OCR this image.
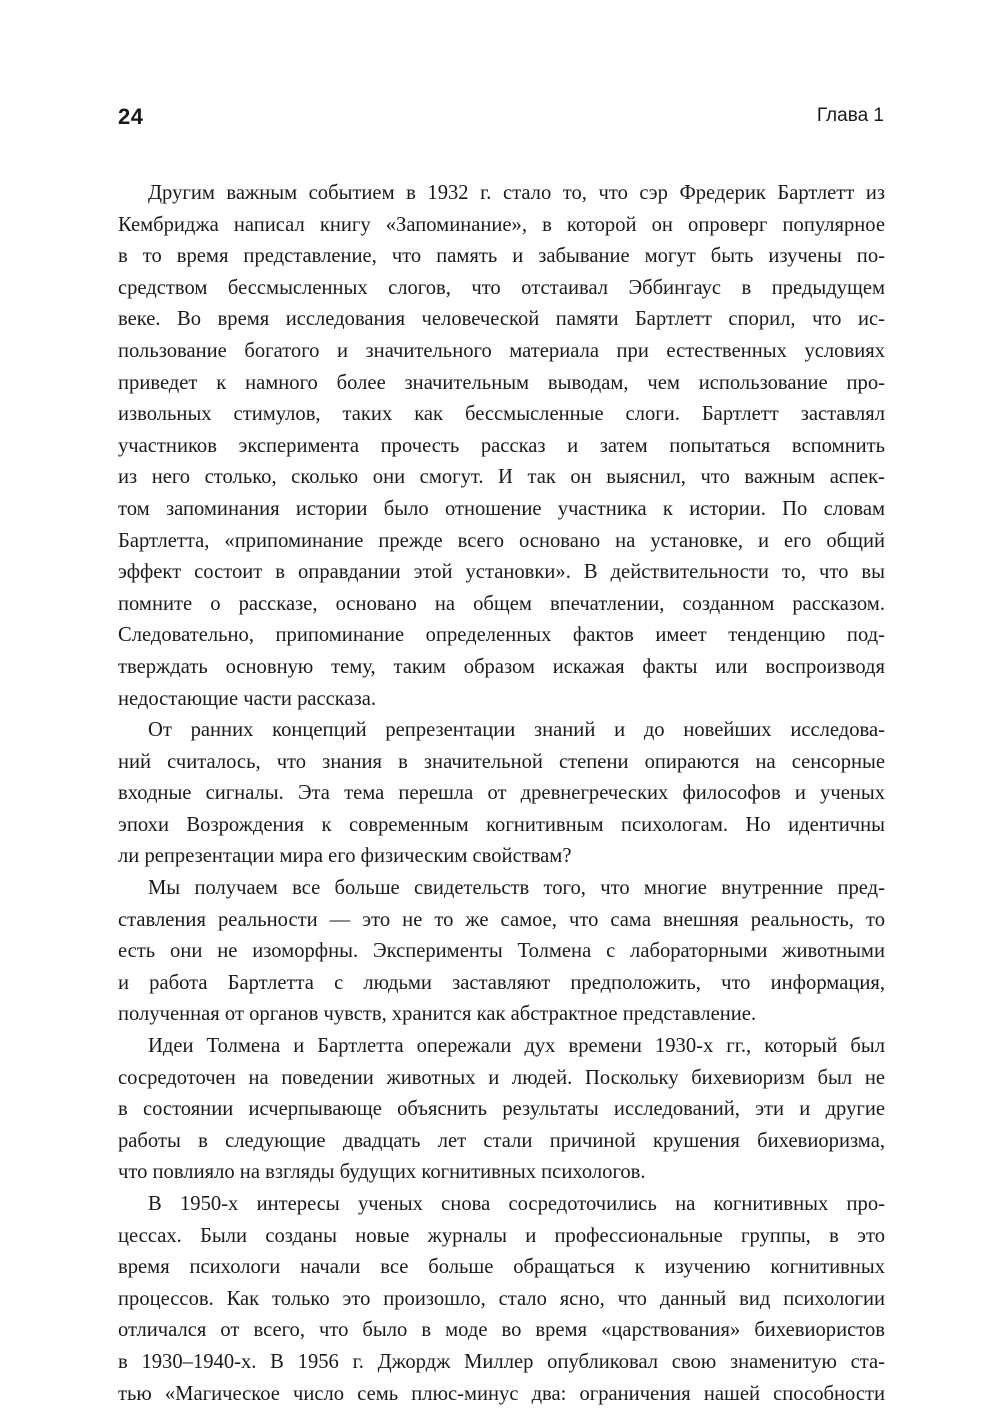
24	Глава 1
Другим важным событием в 1932 г. стало то, что сэр Фредерик Бартлетт из
Кембриджа написал книгу «Запоминание», в которой он опроверг популярное
в то время представление, что память и забывание могут быть изучены по-
средством бессмысленных слогов, что отстаивал Эббингаус в предыдущем
веке. Во время исследования человеческой памяти Бартлетт спорил, что ис-
пользование богатого и значительного материала при естественных условиях
приведет к намного более значительным выводам, чем использование про-
извольных стимулов, таких как бессмысленные слоги. Бартлетт заставлял
участников эксперимента прочесть рассказ и затем попытаться вспомнить
из него столько, сколько они смогут. И так он выяснил, что важным аспек-
том запоминания истории было отношение участника к истории. По словам
Бартлетта, «припоминание прежде всего основано на установке, и его общий
эффект состоит в оправдании этой установки». В действительности то, что вы
помните о рассказе, основано на общем впечатлении, созданном рассказом.
Следовательно, припоминание определенных фактов имеет тенденцию под-
тверждать основную тему, таким образом искажая факты или воспроизводя
недостающие части рассказа.
От ранних концепций репрезентации знаний и до новейших исследова-
ний считалось, что знания в значительной степени опираются на сенсорные
входные сигналы. Эта тема перешла от древнегреческих философов и ученых
эпохи Возрождения к современным когнитивным психологам. Но идентичны
ли репрезентации мира его физическим свойствам?
Мы получаем все больше свидетельств того, что многие внутренние пред-
ставления реальности — это не то же самое, что сама внешняя реальность, то
есть они не изоморфны. Эксперименты Толмена с лабораторными животными
и работа Бартлетта с людьми заставляют предположить, что информация,
полученная от органов чувств, хранится как абстрактное представление.
Идеи Толмена и Бартлетта опережали дух времени 1930-х гг., который был
сосредоточен на поведении животных и людей. Поскольку бихевиоризм был не
в состоянии исчерпывающе объяснить результаты исследований, эти и другие
работы в следующие двадцать лет стали причиной крушения бихевиоризма,
что повлияло на взгляды будущих когнитивных психологов.
В 1950-х интересы ученых снова сосредоточились на когнитивных про-
цессах. Были созданы новые журналы и профессиональные группы, в это
время психологи начали все больше обращаться к изучению когнитивных
процессов. Как только это произошло, стало ясно, что данный вид психологии
отличался от всего, что было в моде во время «царствования» бихевиористов
в 1930–1940-х. В 1956 г. Джордж Миллер опубликовал свою знаменитую ста-
тью «Магическое число семь плюс-минус два: ограничения нашей способности
